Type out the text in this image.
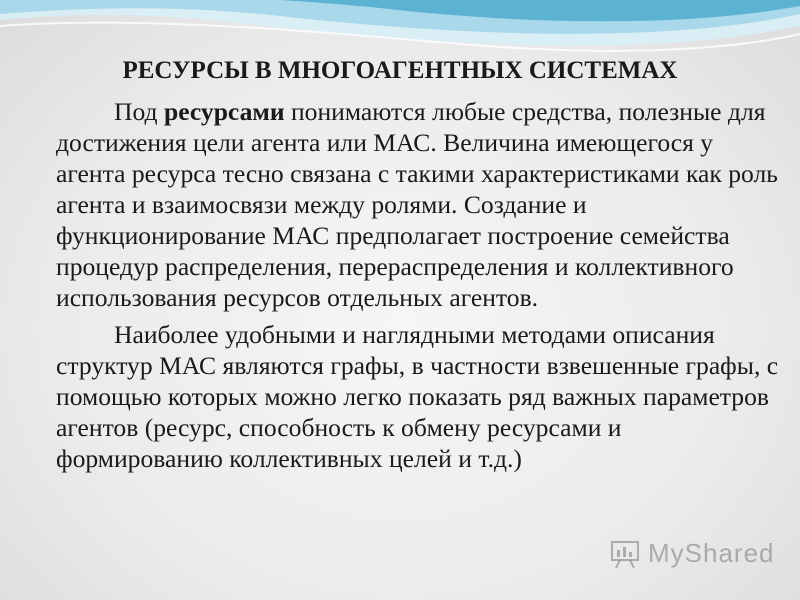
РЕСУРСЫ В МНОГОАГЕНТНЫХ СИСТЕМАХ

Под ресурсами понимаются любые средства, полезные для достижения цели агента или МАС. Величина имеющегося у агента ресурса тесно связана с такими характеристиками как роль агента и взаимосвязи между ролями. Создание и функционирование МАС предполагает построение семейства процедур распределения, перераспределения и коллективного использования ресурсов отдельных агентов.

Наиболее удобными и наглядными методами описания структур МАС являются графы, в частности взвешенные графы, с помощью которых можно легко показать ряд важных параметров агентов (ресурс, способность к обмену ресурсами и формированию коллективных целей и т.д.)

MyShared
